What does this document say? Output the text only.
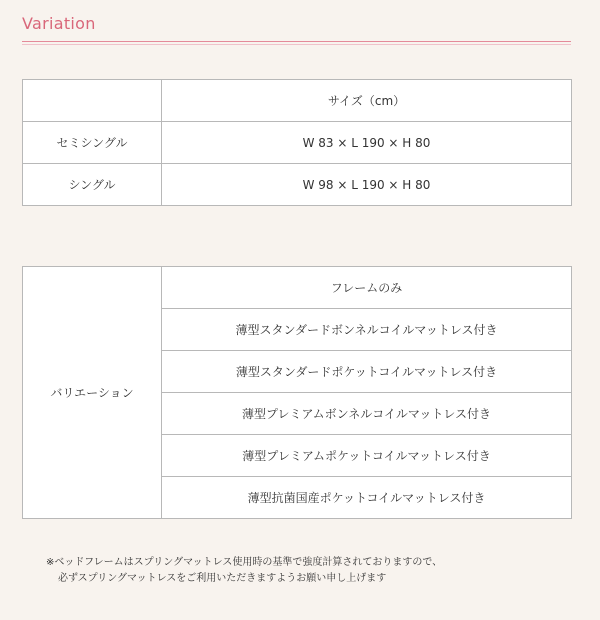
Variation
	サイズ（cm）
セミシングル	W 83 × L 190 × H 80
シングル	W 98 × L 190 × H 80
バリエーション	フレームのみ
薄型スタンダードボンネルコイルマットレス付き
薄型スタンダードポケットコイルマットレス付き
薄型プレミアムボンネルコイルマットレス付き
薄型プレミアムポケットコイルマットレス付き
薄型抗菌国産ポケットコイルマットレス付き
※ベッドフレームはスプリングマットレス使用時の基準で強度計算されておりますので、
必ずスプリングマットレスをご利用いただきますようお願い申し上げます
